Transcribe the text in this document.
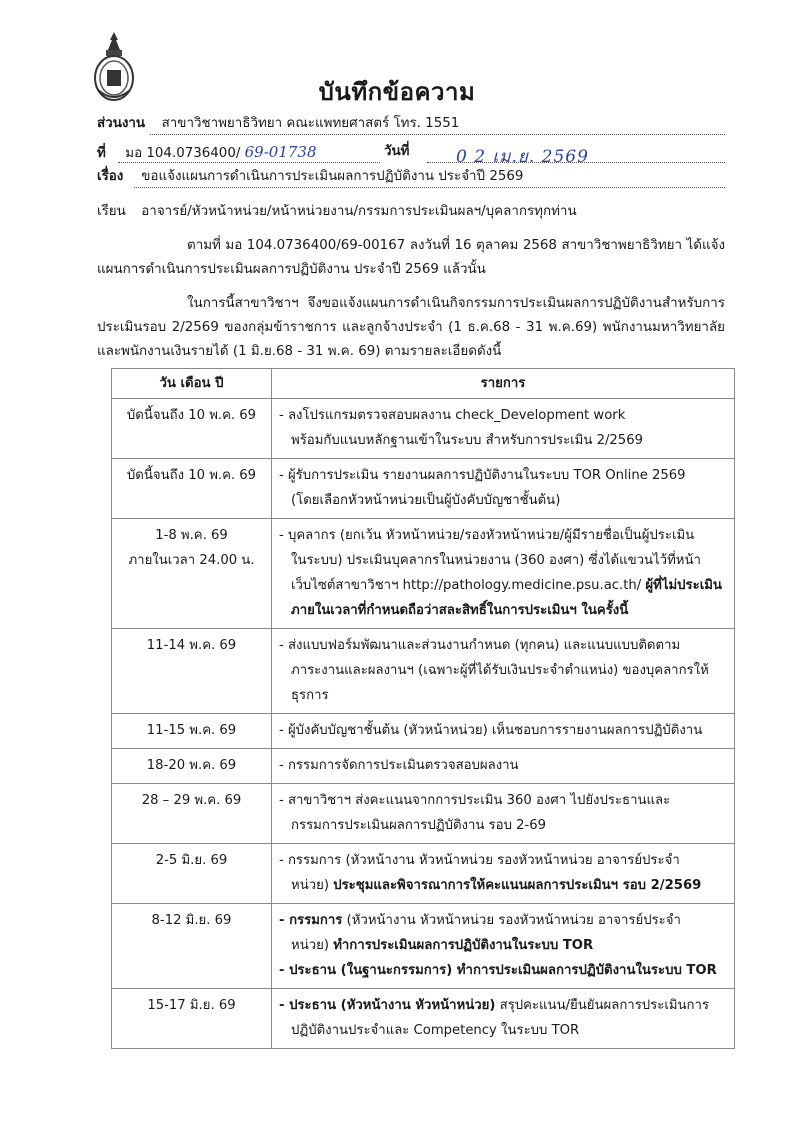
บันทึกข้อความ
ส่วนงาน สาขาวิชาพยาธิวิทยา คณะแพทยศาสตร์ โทร. 1551
ที่ มอ 104.0736400/ 69-01738	วันที่	0 2 เม.ย. 2569
เรื่อง ขอแจ้งแผนการดำเนินการประเมินผลการปฏิบัติงาน ประจำปี 2569
เรียน อาจารย์/หัวหน้าหน่วย/หน้าหน่วยงาน/กรรมการประเมินผลฯ/บุคลากรทุกท่าน
ตามที่ มอ 104.0736400/69-00167 ลงวันที่ 16 ตุลาคม 2568 สาขาวิชาพยาธิวิทยา ได้แจ้งแผนการดำเนินการประเมินผลการปฏิบัติงาน ประจำปี 2569 แล้วนั้น
ในการนี้สาขาวิชาฯ จึงขอแจ้งแผนการดำเนินกิจกรรมการประเมินผลการปฏิบัติงานสำหรับการประเมินรอบ 2/2569 ของกลุ่มข้าราชการ และลูกจ้างประจำ (1 ธ.ค.68 - 31 พ.ค.69) พนักงานมหาวิทยาลัย และพนักงานเงินรายได้ (1 มิ.ย.68 - 31 พ.ค. 69) ตามรายละเอียดดังนี้
วัน เดือน ปี	รายการ
บัดนี้จนถึง 10 พ.ค. 69	- ลงโปรแกรมตรวจสอบผลงาน check_Development work
พร้อมกับแนบหลักฐานเข้าในระบบ สำหรับการประเมิน 2/2569

บัดนี้จนถึง 10 พ.ค. 69	- ผู้รับการประเมิน รายงานผลการปฏิบัติงานในระบบ TOR Online 2569
(โดยเลือกหัวหน้าหน่วยเป็นผู้บังคับบัญชาชั้นต้น)

1-8 พ.ค. 69
ภายในเวลา 24.00 น.	- บุคลากร (ยกเว้น หัวหน้าหน่วย/รองหัวหน้าหน่วย/ผู้มีรายชื่อเป็นผู้ประเมิน
ในระบบ) ประเมินบุคลากรในหน่วยงาน (360 องศา) ซึ่งได้แขวนไว้ที่หน้า
เว็บไซต์สาขาวิชาฯ http://pathology.medicine.psu.ac.th/ ผู้ที่ไม่ประเมิน
ภายในเวลาที่กำหนดถือว่าสละสิทธิ์ในการประเมินฯ ในครั้งนี้

11-14 พ.ค. 69	- ส่งแบบฟอร์มพัฒนาและส่วนงานกำหนด (ทุกคน) และแนบแบบติดตาม
ภาระงานและผลงานฯ (เฉพาะผู้ที่ได้รับเงินประจำตำแหน่ง) ของบุคลากรให้
ธุรการ

11-15 พ.ค. 69	- ผู้บังคับบัญชาชั้นต้น (หัวหน้าหน่วย) เห็นชอบการรายงานผลการปฏิบัติงาน

18-20 พ.ค. 69	- กรรมการจัดการประเมินตรวจสอบผลงาน

28 – 29 พ.ค. 69	- สาขาวิชาฯ ส่งคะแนนจากการประเมิน 360 องศา ไปยังประธานและ
กรรมการประเมินผลการปฏิบัติงาน รอบ 2-69

2-5 มิ.ย. 69	- กรรมการ (หัวหน้างาน หัวหน้าหน่วย รองหัวหน้าหน่วย อาจารย์ประจำ
หน่วย) ประชุมและพิจารณาการให้คะแนนผลการประเมินฯ รอบ 2/2569

8-12 มิ.ย. 69	- กรรมการ (หัวหน้างาน หัวหน้าหน่วย รองหัวหน้าหน่วย อาจารย์ประจำ
หน่วย) ทำการประเมินผลการปฏิบัติงานในระบบ TOR
- ประธาน (ในฐานะกรรมการ) ทำการประเมินผลการปฏิบัติงานในระบบ TOR

15-17 มิ.ย. 69	- ประธาน (หัวหน้างาน หัวหน้าหน่วย) สรุปคะแนน/ยืนยันผลการประเมินการ
ปฏิบัติงานประจำและ Competency ในระบบ TOR
